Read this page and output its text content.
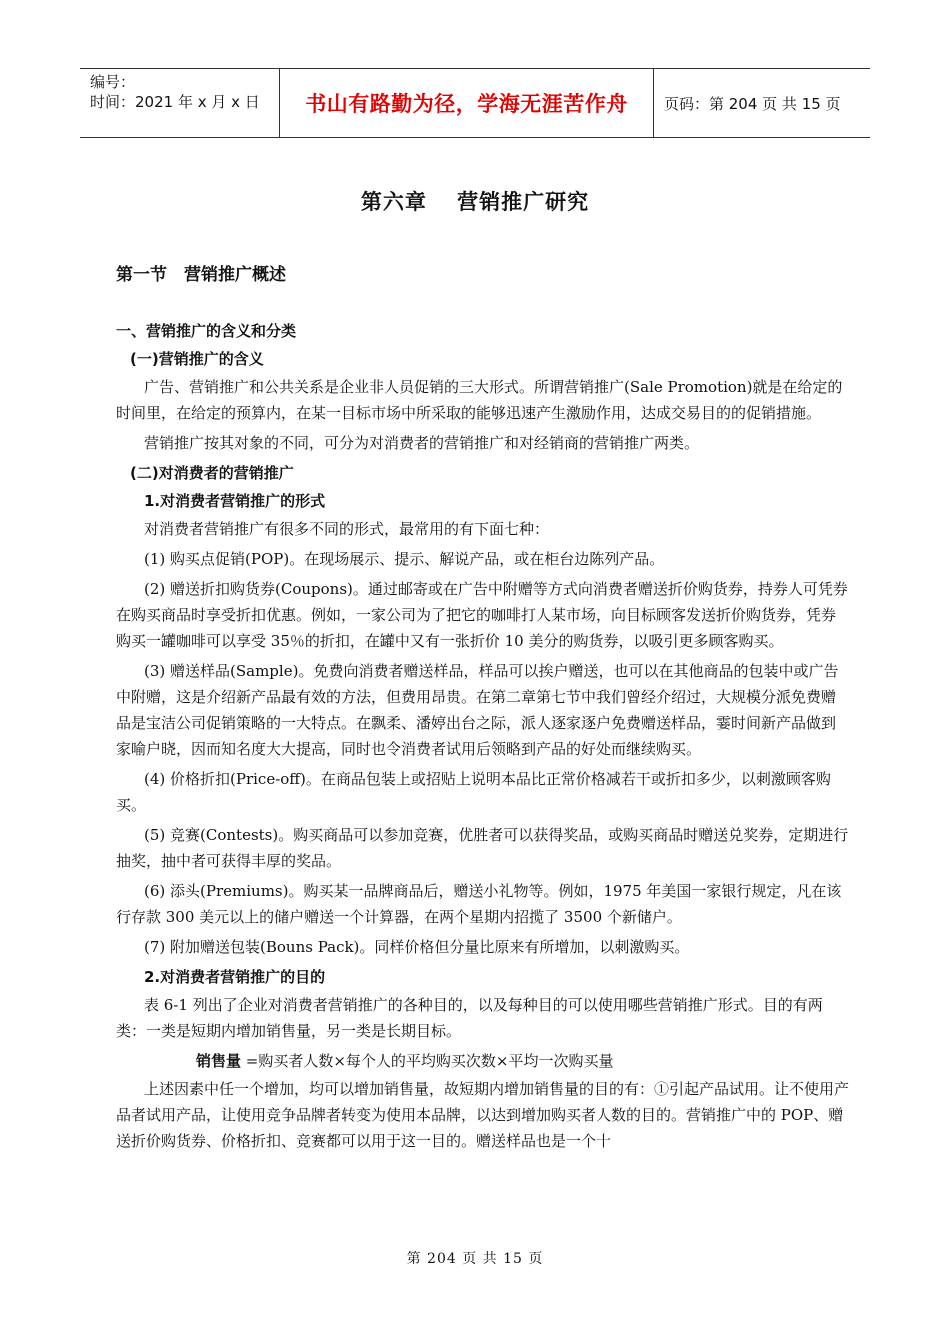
编号：
时间：2021 年 x 月 x 日	书山有路勤为径，学海无涯苦作舟	页码：第 204 页 共 15 页
第六章　 营销推广研究
第一节　营销推广概述

一、营销推广的含义和分类

(一)营销推广的含义

广告、营销推广和公共关系是企业非人员促销的三大形式。所谓营销推广(Sale Promotion)就是在给定的时间里，在给定的预算内，在某一目标市场中所采取的能够迅速产生激励作用，达成交易目的的促销措施。

营销推广按其对象的不同，可分为对消费者的营销推广和对经销商的营销推广两类。

(二)对消费者的营销推广

1.对消费者营销推广的形式

对消费者营销推广有很多不同的形式，最常用的有下面七种：

(1) 购买点促销(POP)。在现场展示、提示、解说产品，或在柜台边陈列产品。

(2) 赠送折扣购货券(Coupons)。通过邮寄或在广告中附赠等方式向消费者赠送折价购货券，持券人可凭券在购买商品时享受折扣优惠。例如，一家公司为了把它的咖啡打人某市场，向目标顾客发送折价购货券，凭券购买一罐咖啡可以享受 35％的折扣，在罐中又有一张折价 10 美分的购货券，以吸引更多顾客购买。

(3) 赠送样品(Sample)。免费向消费者赠送样品，样品可以挨户赠送，也可以在其他商品的包装中或广告中附赠，这是介绍新产品最有效的方法，但费用昂贵。在第二章第七节中我们曾经介绍过，大规模分派免费赠品是宝洁公司促销策略的一大特点。在飘柔、潘婷出台之际，派人逐家逐户免费赠送样品，霎时间新产品做到家喻户晓，因而知名度大大提高，同时也令消费者试用后领略到产品的好处而继续购买。

(4) 价格折扣(Price-off)。在商品包装上或招贴上说明本品比正常价格减若干或折扣多少，以刺激顾客购买。

(5) 竞赛(Contests)。购买商品可以参加竞赛，优胜者可以获得奖品，或购买商品时赠送兑奖券，定期进行抽奖，抽中者可获得丰厚的奖品。

(6) 添头(Premiums)。购买某一品牌商品后，赠送小礼物等。例如，1975 年美国一家银行规定，凡在该行存款 300 美元以上的储户赠送一个计算器，在两个星期内招揽了 3500 个新储户。

(7) 附加赠送包装(Bouns Pack)。同样价格但分量比原来有所增加，以刺激购买。

2.对消费者营销推广的目的

表 6-1 列出了企业对消费者营销推广的各种目的，以及每种目的可以使用哪些营销推广形式。目的有两类：一类是短期内增加销售量，另一类是长期目标。

销售量 =购买者人数×每个人的平均购买次数×平均一次购买量

上述因素中任一个增加，均可以增加销售量，故短期内增加销售量的目的有：①引起产品试用。让不使用产品者试用产品，让使用竞争品牌者转变为使用本品牌，以达到增加购买者人数的目的。营销推广中的 POP、赠送折价购货券、价格折扣、竞赛都可以用于这一目的。赠送样品也是一个十

第 204 页 共 15 页
